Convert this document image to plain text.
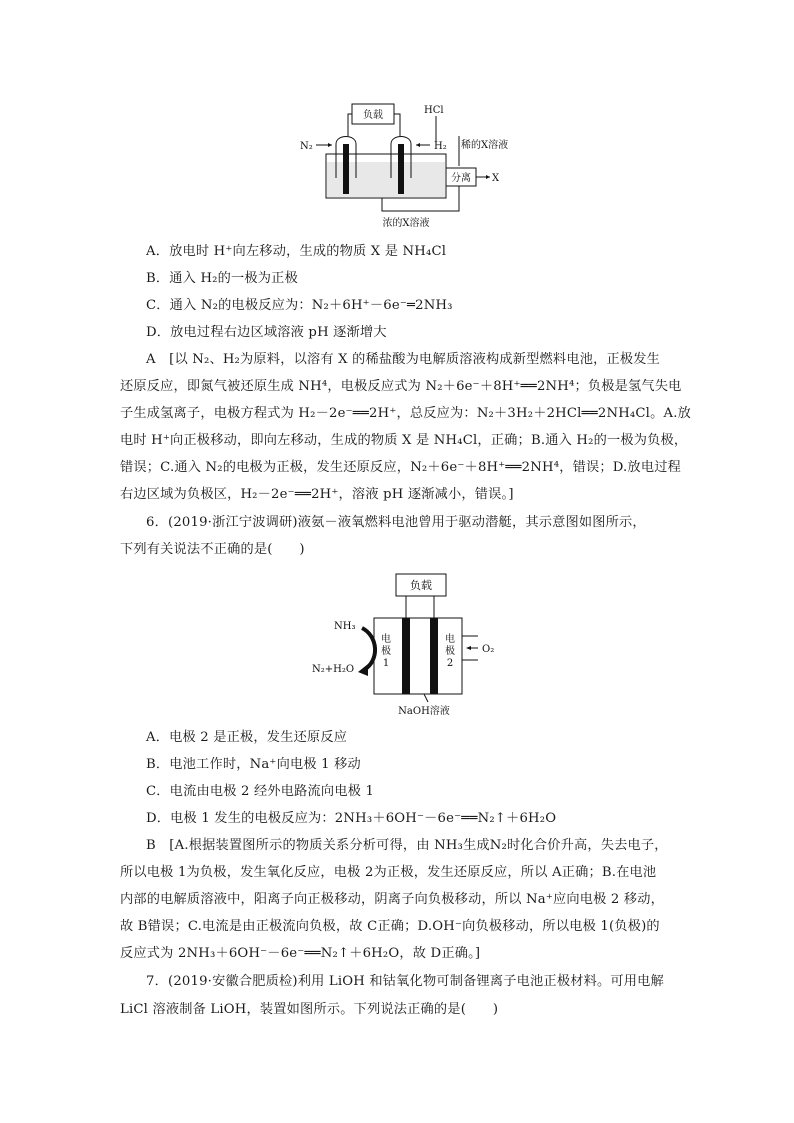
负载	HCl
N₂	H₂ 稀的X溶液
分离 X
浓的X溶液
A．放电时 H⁺向左移动，生成的物质 X 是 NH₄Cl
B．通入 H₂的一极为正极
C．通入 N₂的电极反应为：N₂＋6H⁺－6e⁻═2NH₃
D．放电过程右边区域溶液 pH 逐渐增大
A　[以 N₂、H₂为原料，以溶有 X 的稀盐酸为电解质溶液构成新型燃料电池，正极发生
还原反应，即氮气被还原生成 NH⁴，电极反应式为 N₂＋6e⁻＋8H⁺══2NH⁴；负极是氢气失电
子生成氢离子，电极方程式为 H₂－2e⁻══2H⁺，总反应为：N₂＋3H₂＋2HCl══2NH₄Cl。A.放
电时 H⁺向正极移动，即向左移动，生成的物质 X 是 NH₄Cl，正确；B.通入 H₂的一极为负极，
错误；C.通入 N₂的电极为正极，发生还原反应，N₂＋6e⁻＋8H⁺══2NH⁴，错误；D.放电过程
右边区域为负极区，H₂－2e⁻══2H⁺，溶液 pH 逐渐减小，错误。]
6．(2019·浙江宁波调研)液氨－液氧燃料电池曾用于驱动潜艇，其示意图如图所示，
下列有关说法不正确的是(　　)
负载
电
极
1
电
极
2
NH₃
N₂+H₂O
O₂
NaOH溶液
A．电极 2 是正极，发生还原反应
B．电池工作时，Na⁺向电极 1 移动
C．电流由电极 2 经外电路流向电极 1
D．电极 1 发生的电极反应为：2NH₃＋6OH⁻－6e⁻══N₂↑＋6H₂O
B　[A.根据装置图所示的物质关系分析可得，由 NH₃生成N₂时化合价升高，失去电子，
所以电极 1为负极，发生氧化反应，电极 2为正极，发生还原反应，所以 A正确；B.在电池
内部的电解质溶液中，阳离子向正极移动，阴离子向负极移动，所以 Na⁺应向电极 2 移动，
故 B错误；C.电流是由正极流向负极，故 C正确；D.OH⁻向负极移动，所以电极 1(负极)的
反应式为 2NH₃＋6OH⁻－6e⁻══N₂↑＋6H₂O，故 D正确。]
7．(2019·安徽合肥质检)利用 LiOH 和钴氧化物可制备锂离子电池正极材料。可用电解
LiCl 溶液制备 LiOH，装置如图所示。下列说法正确的是(　　)
